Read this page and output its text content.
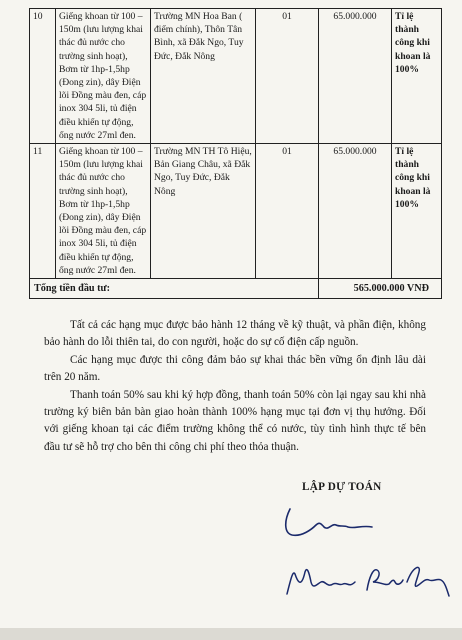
10	Giếng khoan từ 100 – 150m (lưu lượng khai thác đủ nước cho trường sinh hoạt), Bơm từ 1hp-1,5hp (Đong zin), dây Điện lõi Đồng màu đen, cáp inox 304 5li, tủ điện điều khiển tự động, ống nước 27ml đen.	Trường MN Hoa Ban ( điểm chính), Thôn Tân Bình, xã Đắk Ngo, Tuy Đức, Đắk Nông	01	65.000.000	Tỉ lệ thành công khi khoan là 100%
11	Giếng khoan từ 100 – 150m (lưu lượng khai thác đủ nước cho trường sinh hoạt), Bơm từ 1hp-1,5hp (Đong zin), dây Điện lõi Đồng màu đen, cáp inox 304 5li, tủ điện điều khiển tự động, ống nước 27ml đen.	Trường MN TH Tô Hiệu, Bản Giang Châu, xã Đắk Ngo, Tuy Đức, Đắk Nông	01	65.000.000	Tỉ lệ thành công khi khoan là 100%
Tổng tiền đầu tư:				565.000.000 VNĐ	

Tất cả các hạng mục được bảo hành 12 tháng về kỹ thuật, và phần điện, không bảo hành do lỗi thiên tai, do con người, hoặc do sự cố điện cấp nguồn.

Các hạng mục được thi công đảm bảo sự khai thác bền vững ổn định lâu dài trên 20 năm.

Thanh toán 50% sau khi ký hợp đồng, thanh toán 50% còn lại ngay sau khi nhà trường ký biên bản bàn giao hoàn thành 100% hạng mục tại đơn vị thụ hưởng. Đối với giếng khoan tại các điểm trường không thể có nước, tùy tình hình thực tế bên đầu tư sẽ hỗ trợ cho bên thi công chi phí theo thỏa thuận.

LẬP DỰ TOÁN
